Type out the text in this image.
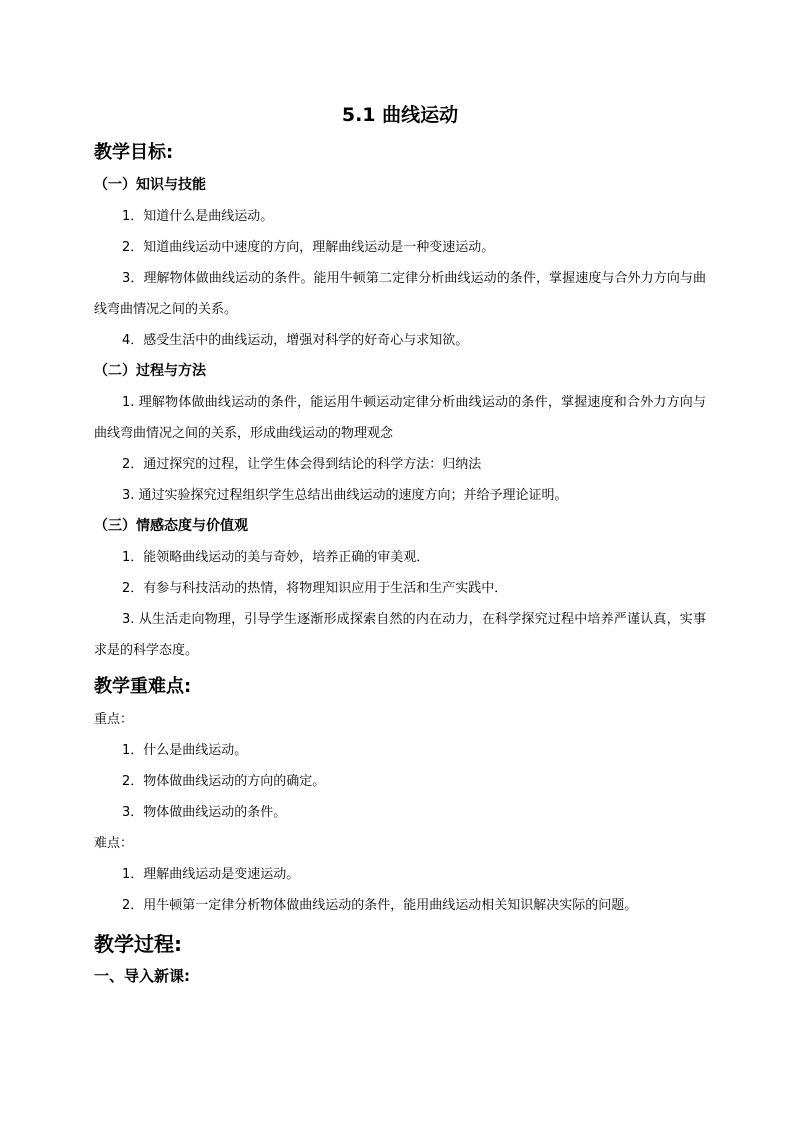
5.1 曲线运动
教学目标:
（一）知识与技能

1．知道什么是曲线运动。

2．知道曲线运动中速度的方向，理解曲线运动是一种变速运动。

3．理解物体做曲线运动的条件。能用牛顿第二定律分析曲线运动的条件，掌握速度与合外力方向与曲线弯曲情况之间的关系。

4．感受生活中的曲线运动，增强对科学的好奇心与求知欲。

（二）过程与方法

1. 理解物体做曲线运动的条件，能运用牛顿运动定律分析曲线运动的条件，掌握速度和合外力方向与曲线弯曲情况之间的关系，形成曲线运动的物理观念

2．通过探究的过程，让学生体会得到结论的科学方法：归纳法

3. 通过实验探究过程组织学生总结出曲线运动的速度方向；并给予理论证明。

（三）情感态度与价值观

1．能领略曲线运动的美与奇妙，培养正确的审美观．

2．有参与科技活动的热情，将物理知识应用于生活和生产实践中．

3. 从生活走向物理，引导学生逐渐形成探索自然的内在动力，在科学探究过程中培养严谨认真，实事求是的科学态度。

教学重难点:

重点：

1．什么是曲线运动。

2．物体做曲线运动的方向的确定。

3．物体做曲线运动的条件。

难点：

1．理解曲线运动是变速运动。

2．用牛顿第一定律分析物体做曲线运动的条件，能用曲线运动相关知识解决实际的问题。

教学过程:
一、导入新课:
